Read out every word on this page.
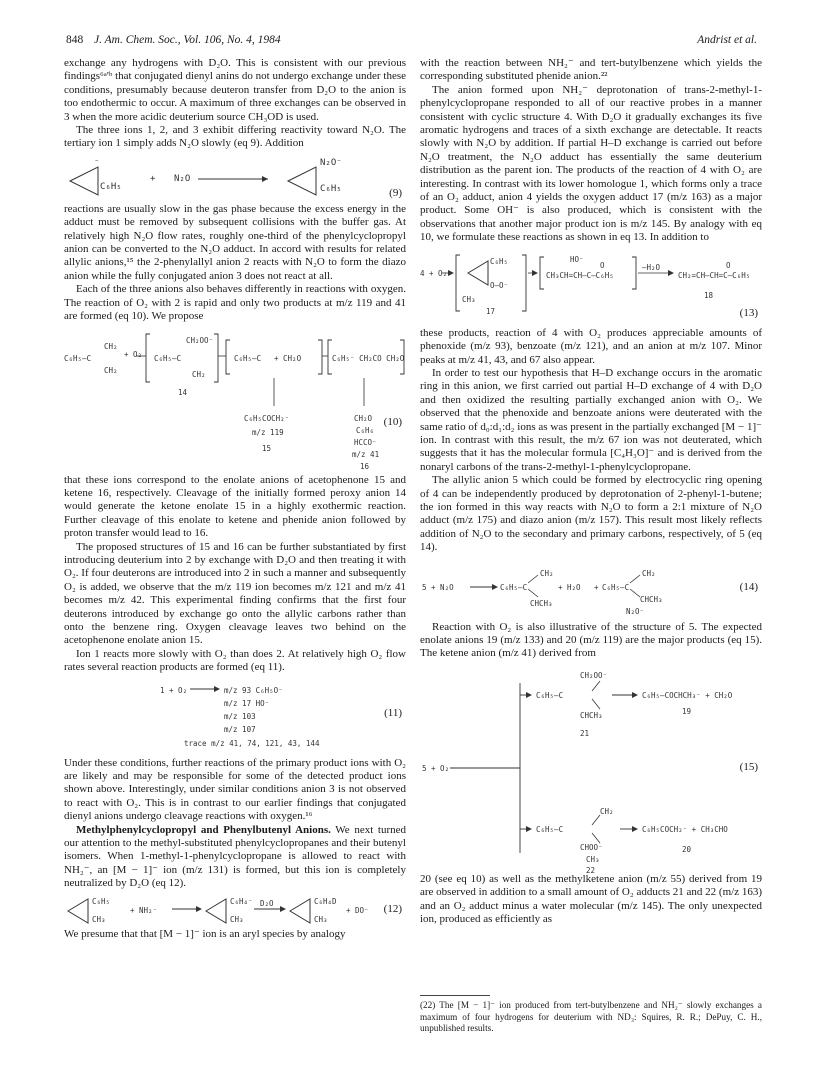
848 J. Am. Chem. Soc., Vol. 106, No. 4, 1984	Andrist et al.

exchange any hydrogens with D₂O. This is consistent with our previous findings⁶ᵃ'ᵇ that conjugated dienyl anins do not undergo exchange under these conditions, presumably because deuteron transfer from D₂O to the anion is too endothermic to occur. A maximum of three exchanges can be observed in 3 when the more acidic deuterium source CH₃OD is used.

The three ions 1, 2, and 3 exhibit differing reactivity toward N₂O. The tertiary ion 1 simply adds N₂O slowly (eq 9). Addition

⁻
C₆H₅
+ N₂O
N₂O⁻
C₆H₅	(9)

reactions are usually slow in the gas phase because the excess energy in the adduct must be removed by subsequent collisions with the buffer gas. At relatively high N₂O flow rates, roughly one-third of the phenylcyclopropyl anion can be converted to the N₂O adduct. In accord with results for related allylic anions,¹⁵ the 2-phenylallyl anion 2 reacts with N₂O to form the diazo anion while the fully conjugated anion 3 does not react at all.

Each of the three anions also behaves differently in reactions with oxygen. The reaction of O₂ with 2 is rapid and only two products at m/z 119 and 41 are formed (eq 10). We propose

C₆H₅–C
CH₂
CH₂
+ O₂
CH₂OO⁻
C₆H₅–C
CH₂
14
C₆H₅–C + CH₂O	C₆H₅⁻ CH₂CO CH₂O
C₆H₅COCH₂⁻
m/z 119
15
CH₂O
C₆H₆
HCCO⁻
m/z 41
16
(10)

that these ions correspond to the enolate anions of acetophenone 15 and ketene 16, respectively. Cleavage of the initially formed peroxy anion 14 would generate the ketone enolate 15 in a highly exothermic reaction. Further cleavage of this enolate to ketene and phenide anion followed by proton transfer would lead to 16.

The proposed structures of 15 and 16 can be further substantiated by first introducing deuterium into 2 by exchange with D₂O and then treating it with O₂. If four deuterons are introduced into 2 in such a manner and subsequently O₂ is added, we observe that the m/z 119 ion becomes m/z 121 and m/z 41 becomes m/z 42. This experimental finding confirms that the first four deuterons introduced by exchange go onto the allylic carbons rather than onto the benzene ring. Oxygen cleavage leaves two behind on the acetophenone enolate anion 15.

Ion 1 reacts more slowly with O₂ than does 2. At relatively high O₂ flow rates several reaction products are formed (eq 11).

1 + O₂	m/z 93 C₆H₅O⁻
m/z 17 HO⁻
m/z 103
m/z 107
trace m/z 41, 74, 121, 43, 144
(11)

Under these conditions, further reactions of the primary product ions with O₂ are likely and may be responsible for some of the detected product ions shown above. Interestingly, under similar conditions anion 3 is not observed to react with O₂. This is in contrast to our earlier findings that conjugated dienyl anions undergo cleavage reactions with oxygen.¹⁶

Methylphenylcyclopropyl and Phenylbutenyl Anions. We next turned our attention to the methyl-substituted phenylcyclopropanes and their butenyl isomers. When 1-methyl-1-phenylcyclopropane is allowed to react with NH₂⁻, an [M − 1]⁻ ion (m/z 131) is formed, but this ion is completely neutralized by D₂O (eq 12).

C₆H₅
CH₃
+ NH₂⁻
C₆H₄⁻
CH₃
D₂O	C₆H₄D
CH₃
+ DO⁻ (12)

We presume that that [M − 1]⁻ ion is an aryl species by analogy

with the reaction between NH₂⁻ and tert-butylbenzene which yields the corresponding substituted phenide anion.²²

The anion formed upon NH₂⁻ deprotonation of trans-2-methyl-1-phenylcyclopropane responded to all of our reactive probes in a manner consistent with cyclic structure 4. With D₂O it gradually exchanges its five aromatic hydrogens and traces of a sixth exchange are detectable. It reacts slowly with N₂O by addition. If partial H–D exchange is carried out before N₂O treatment, the N₂O adduct has essentially the same deuterium distribution as the parent ion. The products of the reaction of 4 with O₂ are interesting. In contrast with its lower homologue 1, which forms only a trace of an O₂ adduct, anion 4 yields the oxygen adduct 17 (m/z 163) as a major product. Some OH⁻ is also produced, which is consistent with the observations that another major product ion is m/z 145. By analogy with eq 10, we formulate these reactions as shown in eq 13. In addition to

4 + O₂
C₆H₅
O–O⁻
CH₃
17
HO⁻
CH₃CH=CH–C–C₆H₅
O	–H₂O
CH₂=CH–CH=C–C₆H₅
O
18
(13)

these products, reaction of 4 with O₂ produces appreciable amounts of phenoxide (m/z 93), benzoate (m/z 121), and an anion at m/z 107. Minor peaks at m/z 41, 43, and 67 also appear.

In order to test our hypothesis that H–D exchange occurs in the aromatic ring in this anion, we first carried out partial H–D exchange of 4 with D₂O and then oxidized the resulting partially exchanged anion with O₂. We observed that the phenoxide and benzoate anions were deuterated with the same ratio of d₀:d₁:d₂ ions as was present in the partially exchanged [M − 1]⁻ ion. In contrast with this result, the m/z 67 ion was not deuterated, which suggests that it has the molecular formula [C₄H₃O]⁻ and is derived from the nonaryl carbons of the trans-2-methyl-1-phenylcyclopropane.

The allylic anion 5 which could be formed by electrocyclic ring opening of 4 can be independently produced by deprotonation of 2-phenyl-1-butene; the ion formed in this way reacts with N₂O to form a 2:1 mixture of N₂O adduct (m/z 175) and diazo anion (m/z 157). This result most likely reflects addition of N₂O to the secondary and primary carbons, respectively, of 5 (eq 14).

5 + N₂O	C₆H₅–C
CH₂
CHCH₃
+ H₂O + C₆H₅–C
CH₂
CHCH₃
N₂O⁻
(14)

Reaction with O₂ is also illustrative of the structure of 5. The expected enolate anions 19 (m/z 133) and 20 (m/z 119) are the major products (eq 15). The ketene anion (m/z 41) derived from

5 + O₂
CH₂OO⁻
C₆H₅–C
CHCH₃
21
C₆H₅–COCHCH₃⁻ + CH₂O
19
CH₂
C₆H₅–C
CHOO⁻
CH₃
22
C₆H₅COCH₂⁻ + CH₃CHO
20
(15)

20 (see eq 10) as well as the methylketene anion (m/z 55) derived from 19 are observed in addition to a small amount of O₂ adducts 21 and 22 (m/z 163) and an O₂ adduct minus a water molecular (m/z 145). The only unexpected ion, produced as efficiently as

(22) The [M − 1]⁻ ion produced from tert-butylbenzene and NH₂⁻ slowly exchanges a maximum of four hydrogens for deuterium with ND₃: Squires, R. R.; DePuy, C. H., unpublished results.
